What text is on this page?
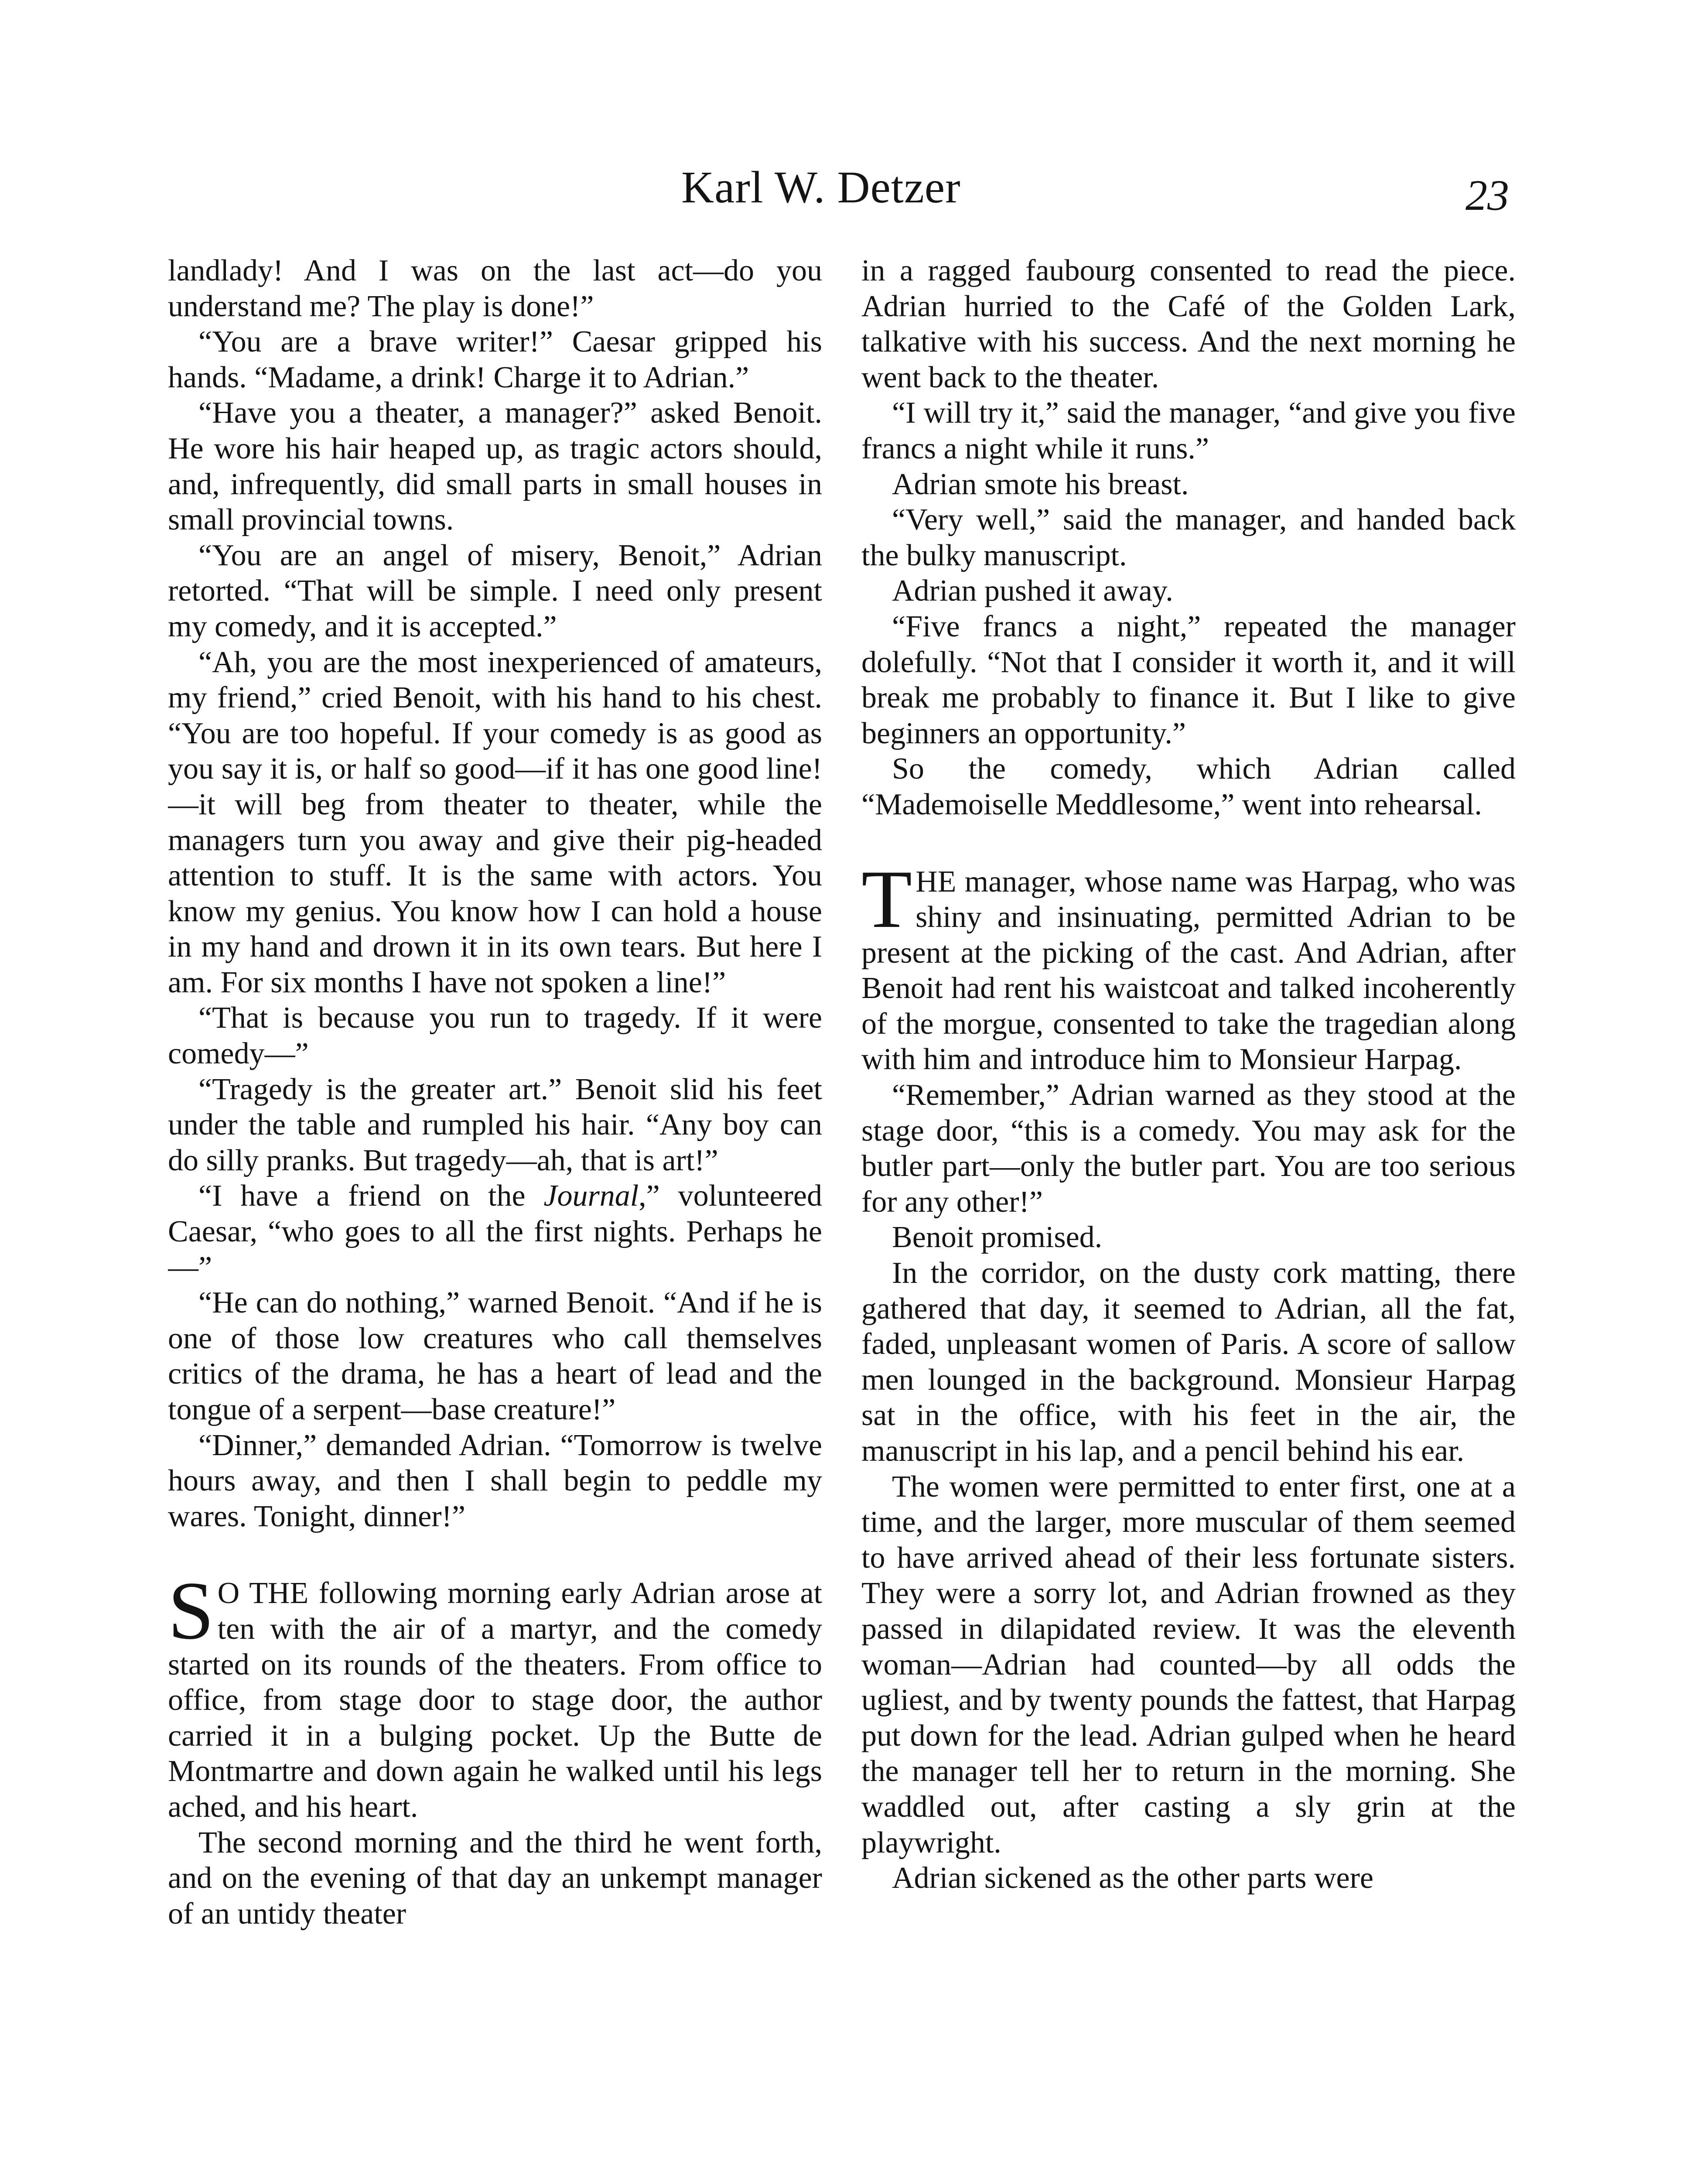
Karl W. Detzer	23

landlady! And I was on the last act—do you understand me? The play is done!”

“You are a brave writer!” Caesar gripped his hands. “Madame, a drink! Charge it to Adrian.”

“Have you a theater, a manager?” asked Benoit. He wore his hair heaped up, as tragic actors should, and, infrequently, did small parts in small houses in small provincial towns.

“You are an angel of misery, Benoit,” Adrian retorted. “That will be simple. I need only present my comedy, and it is accepted.”

“Ah, you are the most inexperienced of amateurs, my friend,” cried Benoit, with his hand to his chest. “You are too hopeful. If your comedy is as good as you say it is, or half so good—if it has one good line! —it will beg from theater to theater, while the managers turn you away and give their pig-headed attention to stuff. It is the same with actors. You know my genius. You know how I can hold a house in my hand and drown it in its own tears. But here I am. For six months I have not spoken a line!”

“That is because you run to tragedy. If it were comedy—”

“Tragedy is the greater art.” Benoit slid his feet under the table and rumpled his hair. “Any boy can do silly pranks. But tragedy—ah, that is art!”

“I have a friend on the Journal,” volunteered Caesar, “who goes to all the first nights. Perhaps he—”

“He can do nothing,” warned Benoit. “And if he is one of those low creatures who call themselves critics of the drama, he has a heart of lead and the tongue of a serpent—base creature!”

“Dinner,” demanded Adrian. “Tomorrow is twelve hours away, and then I shall begin to peddle my wares. Tonight, dinner!”

S O THE following morning early Adrian arose at ten with the air of a martyr, and the comedy started on its rounds of the theaters. From office to office, from stage door to stage door, the author carried it in a bulging pocket. Up the Butte de Montmartre and down again he walked until his legs ached, and his heart.

The second morning and the third he went forth, and on the evening of that day an unkempt manager of an untidy theater

in a ragged faubourg consented to read the piece. Adrian hurried to the Café of the Golden Lark, talkative with his success. And the next morning he went back to the theater.

“I will try it,” said the manager, “and give you five francs a night while it runs.”

Adrian smote his breast.

“Very well,” said the manager, and handed back the bulky manuscript.

Adrian pushed it away.

“Five francs a night,” repeated the manager dolefully. “Not that I consider it worth it, and it will break me probably to finance it. But I like to give beginners an opportunity.”

So the comedy, which Adrian called “Mademoiselle Meddlesome,” went into rehearsal.

THE manager, whose name was Harpag, who was shiny and insinuating, permitted Adrian to be present at the picking of the cast. And Adrian, after Benoit had rent his waistcoat and talked incoherently of the morgue, consented to take the tragedian along with him and introduce him to Monsieur Harpag.

“Remember,” Adrian warned as they stood at the stage door, “this is a comedy. You may ask for the butler part—only the butler part. You are too serious for any other!”

Benoit promised.

In the corridor, on the dusty cork matting, there gathered that day, it seemed to Adrian, all the fat, faded, unpleasant women of Paris. A score of sallow men lounged in the background. Monsieur Harpag sat in the office, with his feet in the air, the manuscript in his lap, and a pencil behind his ear.

The women were permitted to enter first, one at a time, and the larger, more muscular of them seemed to have arrived ahead of their less fortunate sisters. They were a sorry lot, and Adrian frowned as they passed in dilapidated review. It was the eleventh woman—Adrian had counted—by all odds the ugliest, and by twenty pounds the fattest, that Harpag put down for the lead. Adrian gulped when he heard the manager tell her to return in the morning. She waddled out, after casting a sly grin at the playwright.

Adrian sickened as the other parts were
